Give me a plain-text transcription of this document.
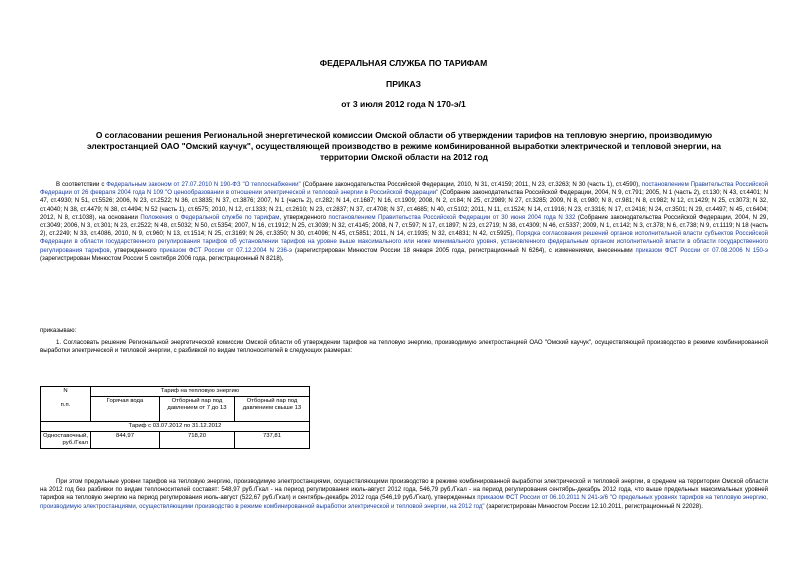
ФЕДЕРАЛЬНАЯ СЛУЖБА ПО ТАРИФАМ
ПРИКАЗ
от 3 июля 2012 года N 170-э/1
О согласовании решения Региональной энергетической комиссии Омской области об утверждении тарифов на тепловую энергию, производимую электростанцией ОАО "Омский каучук", осуществляющей производство в режиме комбинированной выработки электрической и тепловой энергии, на территории Омской области на 2012 год

В соответствии с Федеральным законом от 27.07.2010 N 190-ФЗ "О теплоснабжении" (Собрание законодательства Российской Федерации, 2010, N 31, ст.4159; 2011, N 23, ст.3263; N 30 (часть 1), ст.4590), постановлением Правительства Российской Федерации от 26 февраля 2004 года N 109 "О ценообразовании в отношении электрической и тепловой энергии в Российской Федерации" (Собрание законодательства Российской Федерации, 2004, N 9, ст.791; 2005, N 1 (часть 2), ст.130; N 43, ст.4401; N 47, ст.4930; N 51, ст.5526; 2006, N 23, ст.2522; N 36, ст.3835; N 37, ст.3876; 2007, N 1 (часть 2), ст.282; N 14, ст.1687; N 16, ст.1909; 2008, N 2, ст.84; N 25, ст.2989; N 27, ст.3285; 2009, N 8, ст.980; N 8, ст.981; N 8, ст.982; N 12, ст.1429; N 25, ст.3073; N 32, ст.4040; N 38, ст.4479; N 38, ст.4494; N 52 (часть 1), ст.6575; 2010, N 12, ст.1333; N 21, ст.2610; N 23, ст.2837; N 37, ст.4708; N 37, ст.4685; N 40, ст.5102; 2011, N 11, ст.1524; N 14, ст.1916; N 23, ст.3316; N 17, ст.2416; N 24, ст.3501; N 29, ст.4497; N 45, ст.6404; 2012, N 8, ст.1038), на основании Положения о Федеральной службе по тарифам, утвержденного постановлением Правительства Российской Федерации от 30 июня 2004 года N 332 (Собрание законодательства Российской Федерации, 2004, N 29, ст.3049; 2006, N 3, ст.301; N 23, ст.2522; N 48, ст.5032; N 50, ст.5354; 2007, N 16, ст.1912; N 25, ст.3039; N 32, ст.4145; 2008, N 7, ст.597; N 17, ст.1897; N 23, ст.2719; N 38, ст.4309; N 46, ст.5337; 2009, N 1, ст.142; N 3, ст.378; N 6, ст.738; N 9, ст.1119; N 18 (часть 2), ст.2249; N 33, ст.4086, 2010, N 9, ст.960; N 13, ст.1514; N 25, ст.3169; N 26, ст.3350; N 30, ст.4096; N 45, ст.5851; 2011, N 14, ст.1935; N 32, ст.4831; N 42, ст.5925), Порядка согласования решений органов исполнительной власти субъектов Российской Федерации в области государственного регулирования тарифов об установлении тарифов на уровне выше максимального или ниже минимального уровня, установленного федеральным органом исполнительной власти в области государственного регулирования тарифов, утвержденного приказом ФСТ России от 07.12.2004 N 236-э (зарегистрирован Минюстом России 18 января 2005 года, регистрационный N 6264), с изменениями, внесенными приказом ФСТ России от 07.08.2006 N 150-э (зарегистрирован Минюстом России 5 сентября 2006 года, регистрационный N 8218),

приказываю:

1. Согласовать решение Региональной энергетической комиссии Омской области об утверждении тарифов на тепловую энергию, производимую электростанцией ОАО "Омский каучук", осуществляющей производство в режиме комбинированной выработки электрической и тепловой энергии, с разбивкой по видам теплоносителей в следующих размерах:

N

п.п.	Тариф на тепловую энергию		
	Горячая вода	Отборный пар под давлением от 7 до 13	Отборный пар под давлением свыше 13
Тариф с 03.07.2012 по 31.12.2012			
Одноставочный, руб./Гкал	844,97	718,20	737,81

При этом предельные уровни тарифов на тепловую энергию, производимую электростанциями, осуществляющими производство в режиме комбинированной выработки электрической и тепловой энергии, в среднем на территории Омской области на 2012 год без разбивки по видам теплоносителей составят: 548,97 руб./Гкал - на период регулирования июль-август 2012 года, 546,79 руб./Гкал - на период регулирования сентябрь-декабрь 2012 года, что выше предельных максимальных уровней тарифов на тепловую энергию на период регулирования июль-август (522,67 руб./Гкал) и сентябрь-декабрь 2012 года (546,19 руб./Гкал), утвержденных приказом ФСТ России от 06.10.2011 N 241-э/6 "О предельных уровнях тарифов на тепловую энергию, производимую электростанциями, осуществляющими производство в режиме комбинированной выработки электрической и тепловой энергии, на 2012 год" (зарегистрирован Минюстом России 12.10.2011, регистрационный N 22028).
